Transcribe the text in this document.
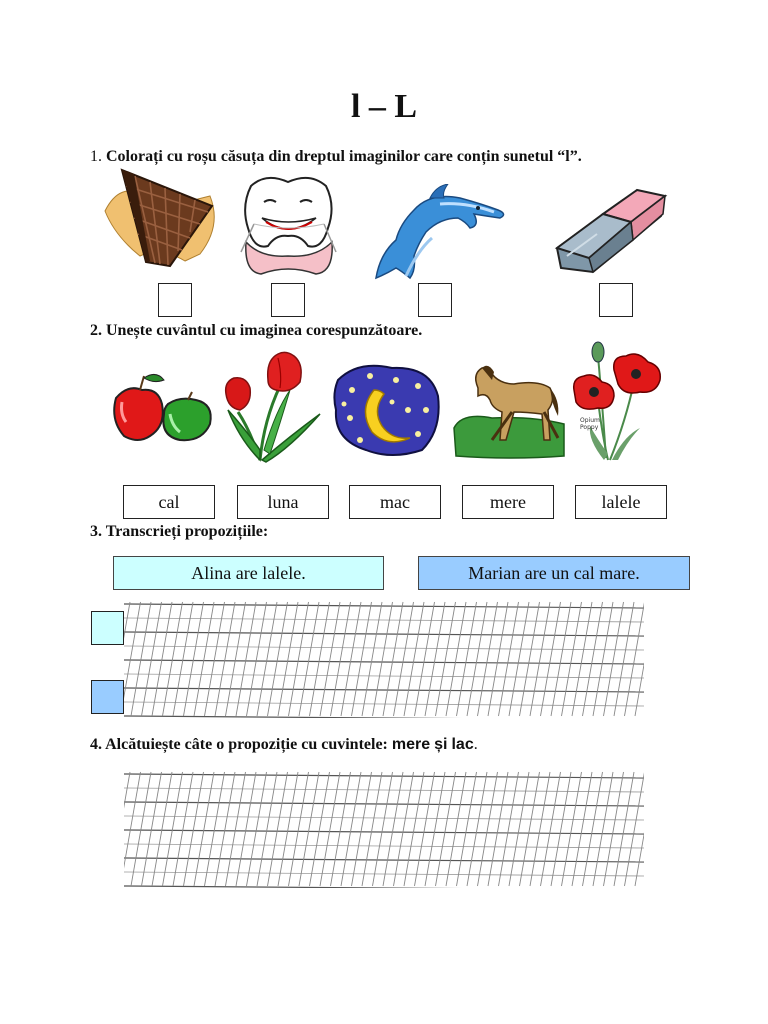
l – L
1. Colorați cu roșu căsuța din dreptul imaginilor care conțin sunetul “l”.
2. Unește cuvântul cu imaginea corespunzătoare.
Opium
Poppy
cal	luna	mac	mere	lalele
3. Transcrieți propozițiile:
Alina are lalele.	Marian are un cal mare.
4. Alcătuiește câte o propoziție cu cuvintele: mere și lac.
